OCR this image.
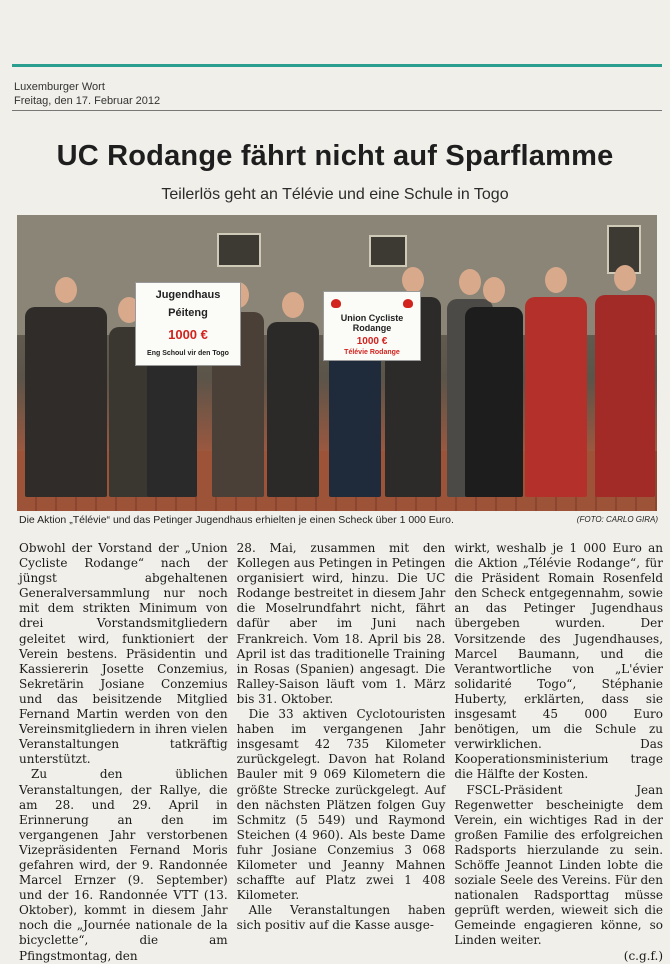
Luxemburger Wort
Freitag, den 17. Februar 2012
UC Rodange fährt nicht auf Sparflamme
Teilerlös geht an Télévie und eine Schule in Togo
Jugendhaus
Péiteng
1000 €
Eng Schoul vir den Togo

Union Cycliste
Rodange
1000 €
Télévie Rodange
Die Aktion „Télévie“ und das Petinger Jugendhaus erhielten je einen Scheck über 1 000 Euro.	(FOTO: CARLO GIRA)

Obwohl der Vorstand der „Union Cycliste Rodange“ nach der jüngst abgehaltenen Generalversammlung nur noch mit dem strikten Minimum von drei Vorstandsmitgliedern geleitet wird, funktioniert der Verein bestens. Präsidentin und Kassiererin Josette Conzemius, Sekretärin Josiane Conzemius und das beisitzende Mitglied Fernand Martin werden von den Vereinsmitgliedern in ihren vielen Veranstaltungen tatkräftig unterstützt.

Zu den üblichen Veranstaltungen, der Rallye, die am 28. und 29. April in Erinnerung an den im vergangenen Jahr verstorbenen Vizepräsidenten Fernand Moris gefahren wird, der 9. Randonnée Marcel Ernzer (9. September) und der 16. Randonnée VTT (13. Oktober), kommt in diesem Jahr noch die „Journée nationale de la bicyclette“, die am Pfingstmontag, den

28. Mai, zusammen mit den Kollegen aus Petingen in Petingen organisiert wird, hinzu. Die UC Rodange bestreitet in diesem Jahr die Moselrundfahrt nicht, fährt dafür aber im Juni nach Frankreich. Vom 18. April bis 28. April ist das traditionelle Training in Rosas (Spanien) angesagt. Die Ralley-Saison läuft vom 1. März bis 31. Oktober.

Die 33 aktiven Cyclotouristen haben im vergangenen Jahr insgesamt 42 735 Kilometer zurückgelegt. Davon hat Roland Bauler mit 9 069 Kilometern die größte Strecke zurückgelegt. Auf den nächsten Plätzen folgen Guy Schmitz (5 549) und Raymond Steichen (4 960). Als beste Dame fuhr Josiane Conzemius 3 068 Kilometer und Jeanny Mahnen schaffte auf Platz zwei 1 408 Kilometer.

Alle Veranstaltungen haben sich positiv auf die Kasse ausge-

wirkt, weshalb je 1 000 Euro an die Aktion „Télévie Rodange“, für die Präsident Romain Rosenfeld den Scheck entgegennahm, sowie an das Petinger Jugendhaus übergeben wurden. Der Vorsitzende des Jugendhauses, Marcel Baumann, und die Verantwortliche von „L'évier solidarité Togo“, Stéphanie Huberty, erklärten, dass sie insgesamt 45 000 Euro benötigen, um die Schule zu verwirklichen. Das Kooperationsministerium trage die Hälfte der Kosten.

FSCL-Präsident Jean Regenwetter bescheinigte dem Verein, ein wichtiges Rad in der großen Familie des erfolgreichen Radsports hierzulande zu sein. Schöffe Jeannot Linden lobte die soziale Seele des Vereins. Für den nationalen Radsporttag müsse geprüft werden, wieweit sich die Gemeinde engagieren könne, so Linden weiter.

(c.g.f.)
